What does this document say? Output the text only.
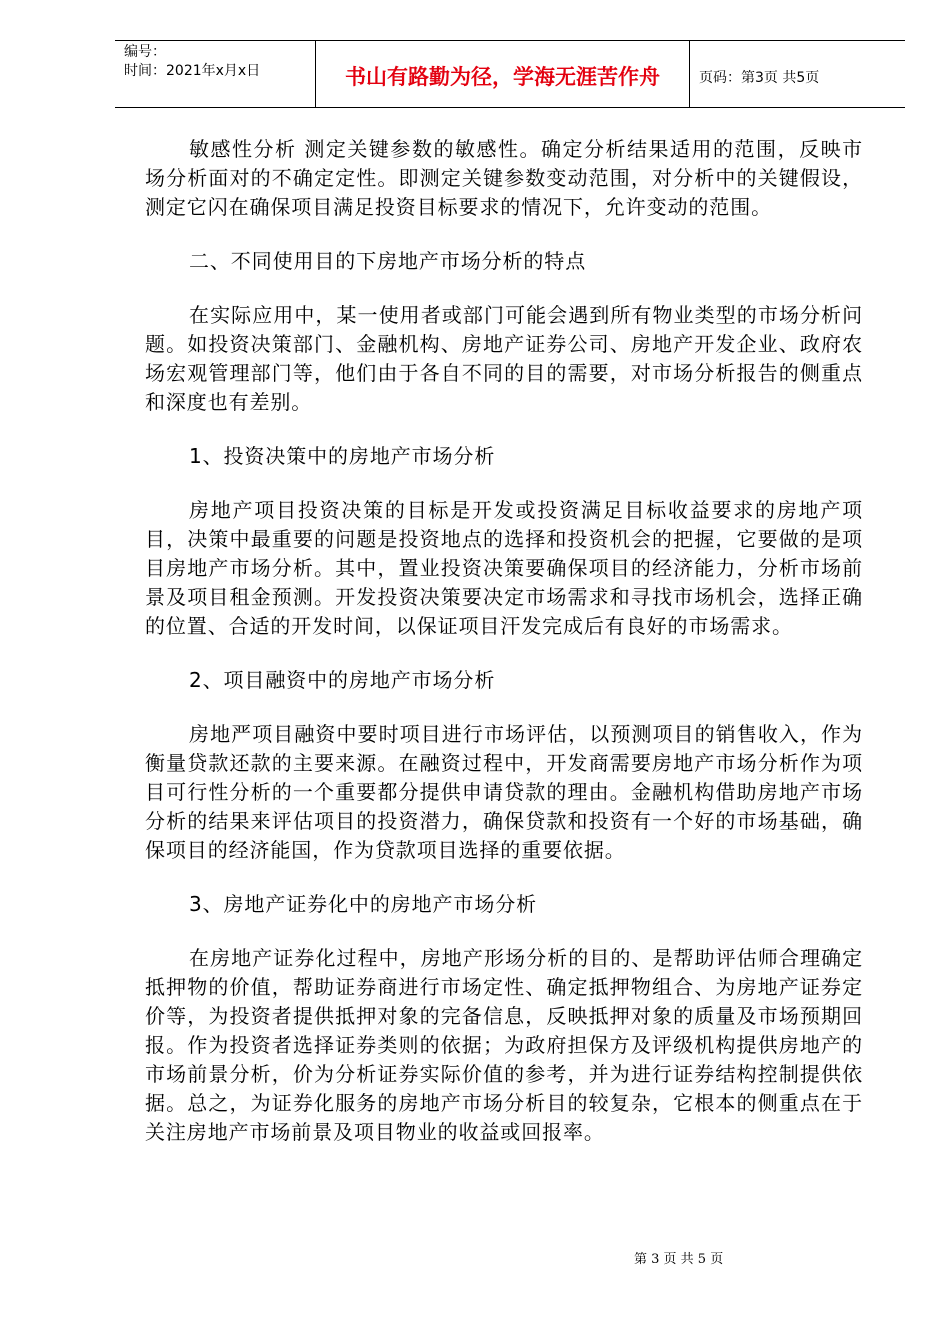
编号：
时间：2021年x月x日	书山有路勤为径，学海无涯苦作舟	页码：第3页 共5页

敏感性分析 测定关键参数的敏感性。确定分析结果适用的范围，反映市场分析面对的不确定定性。即测定关键参数变动范围，对分析中的关键假设，测定它闪在确保项目满足投资目标要求的情况下，允许变动的范围。

二、不同使用目的下房地产市场分析的特点

在实际应用中，某一使用者或部门可能会遇到所有物业类型的市场分析问题。如投资决策部门、金融机构、房地产证券公司、房地产开发企业、政府农场宏观管理部门等，他们由于各自不同的目的需要，对市场分析报告的侧重点和深度也有差别。

1、投资决策中的房地产市场分析

房地产项目投资决策的目标是开发或投资满足目标收益要求的房地产项目，决策中最重要的问题是投资地点的选择和投资机会的把握，它要做的是项目房地产市场分析。其中，置业投资决策要确保项目的经济能力，分析市场前景及项目租金预测。开发投资决策要决定市场需求和寻找市场机会，选择正确的位置、合适的开发时间，以保证项目汗发完成后有良好的市场需求。

2、项目融资中的房地产市场分析

房地严项目融资中要时项目进行市场评估，以预测项目的销售收入，作为衡量贷款还款的主要来源。在融资过程中，开发商需要房地产市场分析作为项目可行性分析的一个重要都分提供申请贷款的理由。金融机构借助房地产市场分析的结果来评估项目的投资潜力，确保贷款和投资有一个好的市场基础，确保项目的经济能国，作为贷款项目选择的重要依据。

3、房地产证券化中的房地产市场分析

在房地产证券化过程中，房地产形场分析的目的、是帮助评估师合理确定抵押物的价值，帮助证券商进行市场定性、确定抵押物组合、为房地产证券定价等，为投资者提供抵押对象的完备信息，反映抵押对象的质量及市场预期回报。作为投资者选择证券类则的依据；为政府担保方及评级机构提供房地产的市场前景分析，价为分析证券实际价值的参考，并为进行证券结构控制提供依据。总之，为证券化服务的房地产市场分析目的较复杂，它根本的侧重点在于关注房地产市场前景及项目物业的收益或回报率。

第 3 页 共 5 页
